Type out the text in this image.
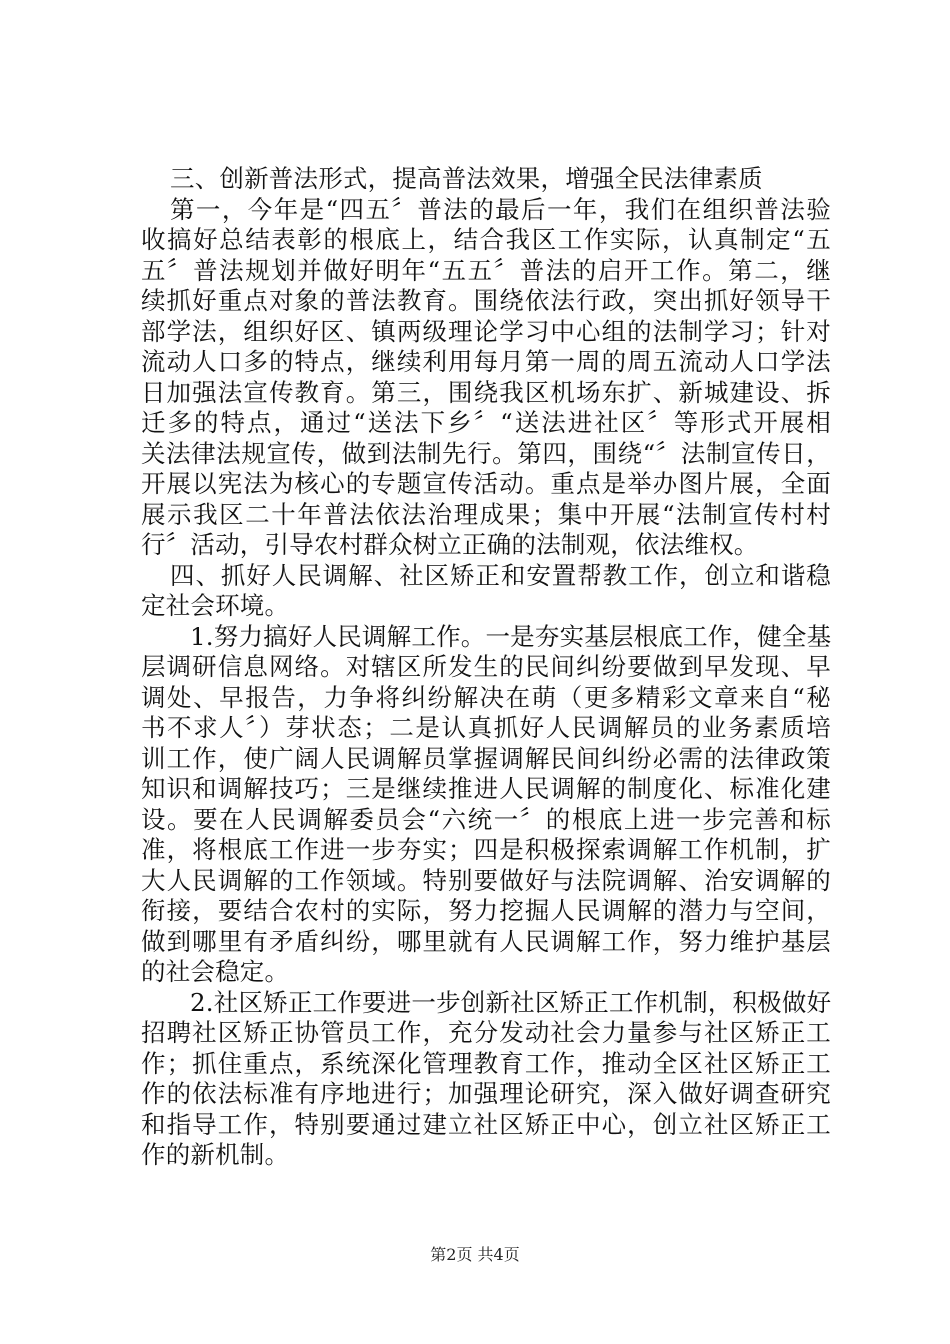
三、创新普法形式，提高普法效果，增强全民法律素质
第一，今年是“四五〞普法的最后一年，我们在组织普法验
收搞好总结表彰的根底上，结合我区工作实际，认真制定“五
五〞普法规划并做好明年“五五〞普法的启开工作。第二，继
续抓好重点对象的普法教育。围绕依法行政，突出抓好领导干
部学法，组织好区、镇两级理论学习中心组的法制学习；针对
流动人口多的特点，继续利用每月第一周的周五流动人口学法
日加强法宣传教育。第三，围绕我区机场东扩、新城建设、拆
迁多的特点，通过“送法下乡〞“送法进社区〞等形式开展相
关法律法规宣传，做到法制先行。第四，围绕“〞法制宣传日，
开展以宪法为核心的专题宣传活动。重点是举办图片展，全面
展示我区二十年普法依法治理成果；集中开展“法制宣传村村
行〞活动，引导农村群众树立正确的法制观，依法维权。
四、抓好人民调解、社区矫正和安置帮教工作，创立和谐稳
定社会环境。
1.努力搞好人民调解工作。一是夯实基层根底工作，健全基
层调研信息网络。对辖区所发生的民间纠纷要做到早发现、早
调处、早报告，力争将纠纷解决在萌（更多精彩文章来自“秘
书不求人〞）芽状态；二是认真抓好人民调解员的业务素质培
训工作，使广阔人民调解员掌握调解民间纠纷必需的法律政策
知识和调解技巧；三是继续推进人民调解的制度化、标准化建
设。要在人民调解委员会“六统一〞的根底上进一步完善和标
准，将根底工作进一步夯实；四是积极探索调解工作机制，扩
大人民调解的工作领域。特别要做好与法院调解、治安调解的
衔接，要结合农村的实际，努力挖掘人民调解的潜力与空间，
做到哪里有矛盾纠纷，哪里就有人民调解工作，努力维护基层
的社会稳定。
2.社区矫正工作要进一步创新社区矫正工作机制，积极做好
招聘社区矫正协管员工作，充分发动社会力量参与社区矫正工
作；抓住重点，系统深化管理教育工作，推动全区社区矫正工
作的依法标准有序地进行；加强理论研究，深入做好调查研究
和指导工作，特别要通过建立社区矫正中心，创立社区矫正工
作的新机制。
第2页 共4页
